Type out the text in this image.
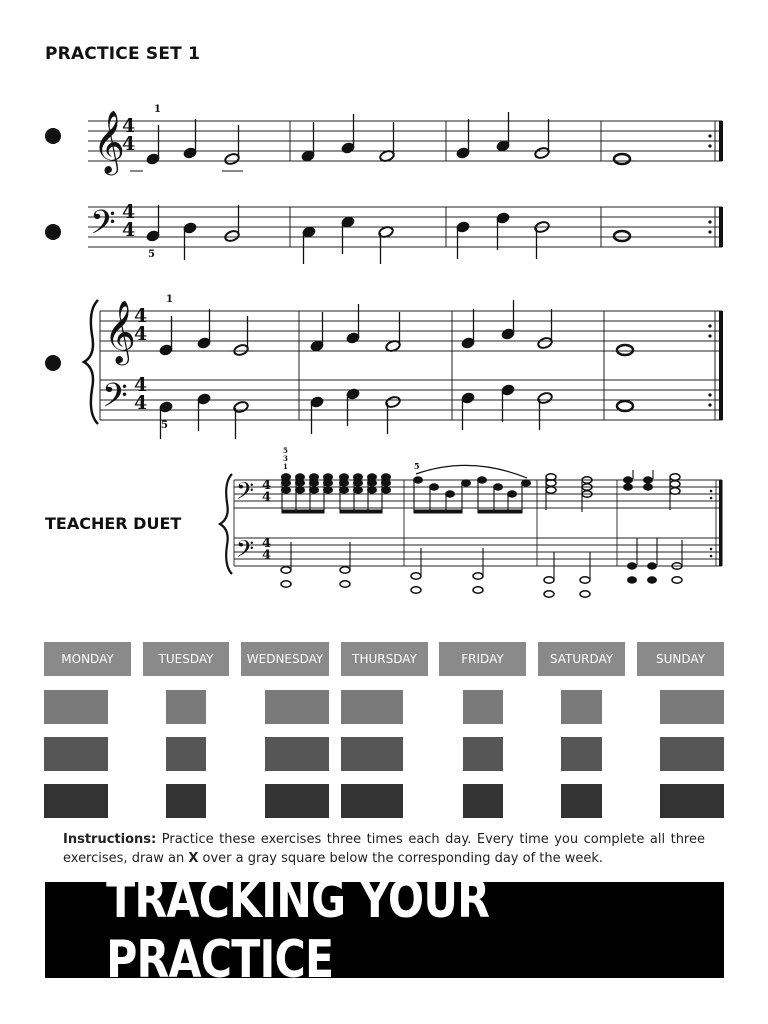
PRACTICE SET 1
𝄞
4
4
1
𝄢 4
4
5
𝄞
𝄢
4
4
4
4
1
5
TEACHER DUET
𝄢
𝄢
4
4
4
4
5
3
1	5
MONDAY	TUESDAY	WEDNESDAY	THURSDAY	FRIDAY	SATURDAY	SUNDAY
Instructions: Practice these exercises three times each day. Every time you complete all three exercises, draw an X over a gray square below the corresponding day of the week.
TRACKING YOUR PRACTICE
